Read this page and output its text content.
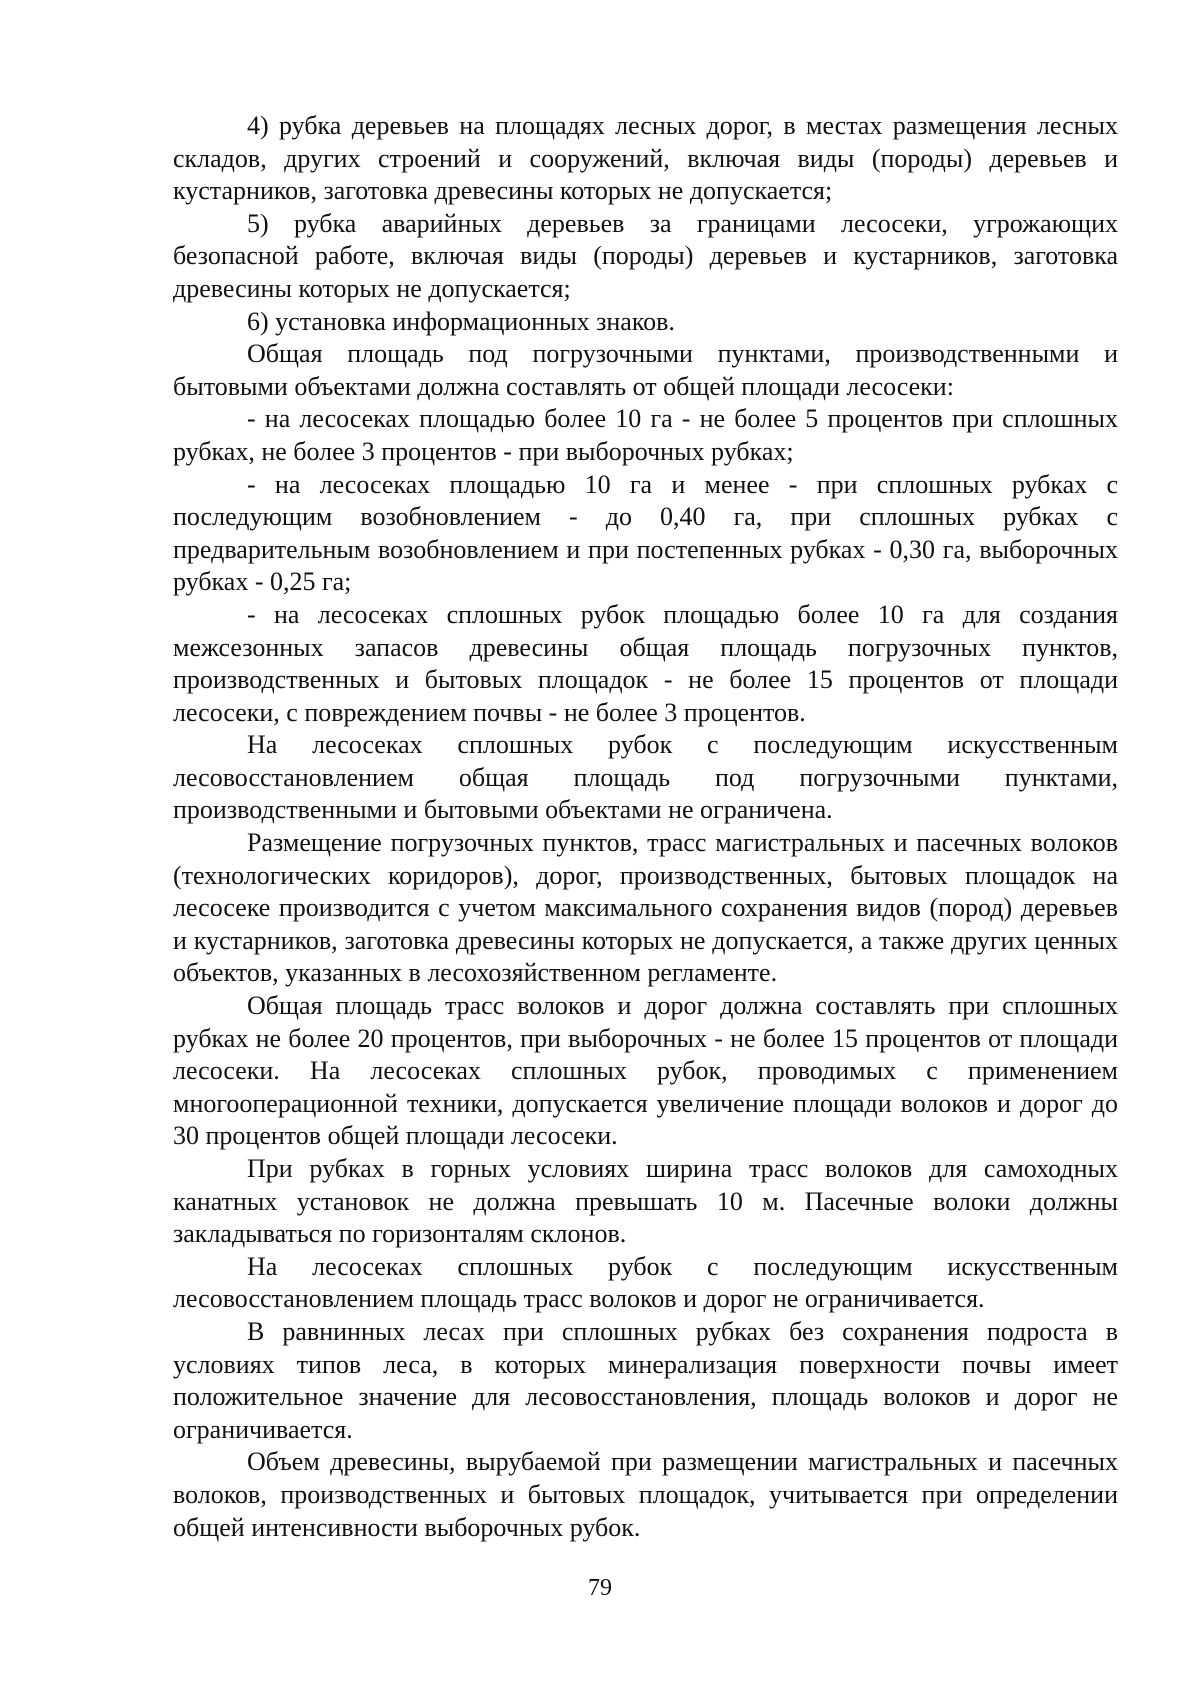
4) рубка деревьев на площадях лесных дорог, в местах размещения лесных складов, других строений и сооружений, включая виды (породы) деревьев и кустарников, заготовка древесины которых не допускается;

5) рубка аварийных деревьев за границами лесосеки, угрожающих безопасной работе, включая виды (породы) деревьев и кустарников, заготовка древесины которых не допускается;

6) установка информационных знаков.

Общая площадь под погрузочными пунктами, производственными и бытовыми объектами должна составлять от общей площади лесосеки:

- на лесосеках площадью более 10 га - не более 5 процентов при сплошных рубках, не более 3 процентов - при выборочных рубках;

- на лесосеках площадью 10 га и менее - при сплошных рубках с последующим возобновлением - до 0,40 га, при сплошных рубках с предварительным возобновлением и при постепенных рубках - 0,30 га, выборочных рубках - 0,25 га;

- на лесосеках сплошных рубок площадью более 10 га для создания межсезонных запасов древесины общая площадь погрузочных пунктов, производственных и бытовых площадок - не более 15 процентов от площади лесосеки, с повреждением почвы - не более 3 процентов.

На лесосеках сплошных рубок с последующим искусственным лесовосстановлением общая площадь под погрузочными пунктами, производственными и бытовыми объектами не ограничена.

Размещение погрузочных пунктов, трасс магистральных и пасечных волоков (технологических коридоров), дорог, производственных, бытовых площадок на лесосеке производится с учетом максимального сохранения видов (пород) деревьев и кустарников, заготовка древесины которых не допускается, а также других ценных объектов, указанных в лесохозяйственном регламенте.

Общая площадь трасс волоков и дорог должна составлять при сплошных рубках не более 20 процентов, при выборочных - не более 15 процентов от площади лесосеки. На лесосеках сплошных рубок, проводимых с применением многооперационной техники, допускается увеличение площади волоков и дорог до 30 процентов общей площади лесосеки.

При рубках в горных условиях ширина трасс волоков для самоходных канатных установок не должна превышать 10 м. Пасечные волоки должны закладываться по горизонталям склонов.

На лесосеках сплошных рубок с последующим искусственным лесовосстановлением площадь трасс волоков и дорог не ограничивается.

В равнинных лесах при сплошных рубках без сохранения подроста в условиях типов леса, в которых минерализация поверхности почвы имеет положительное значение для лесовосстановления, площадь волоков и дорог не ограничивается.

Объем древесины, вырубаемой при размещении магистральных и пасечных волоков, производственных и бытовых площадок, учитывается при определении общей интенсивности выборочных рубок.

79
